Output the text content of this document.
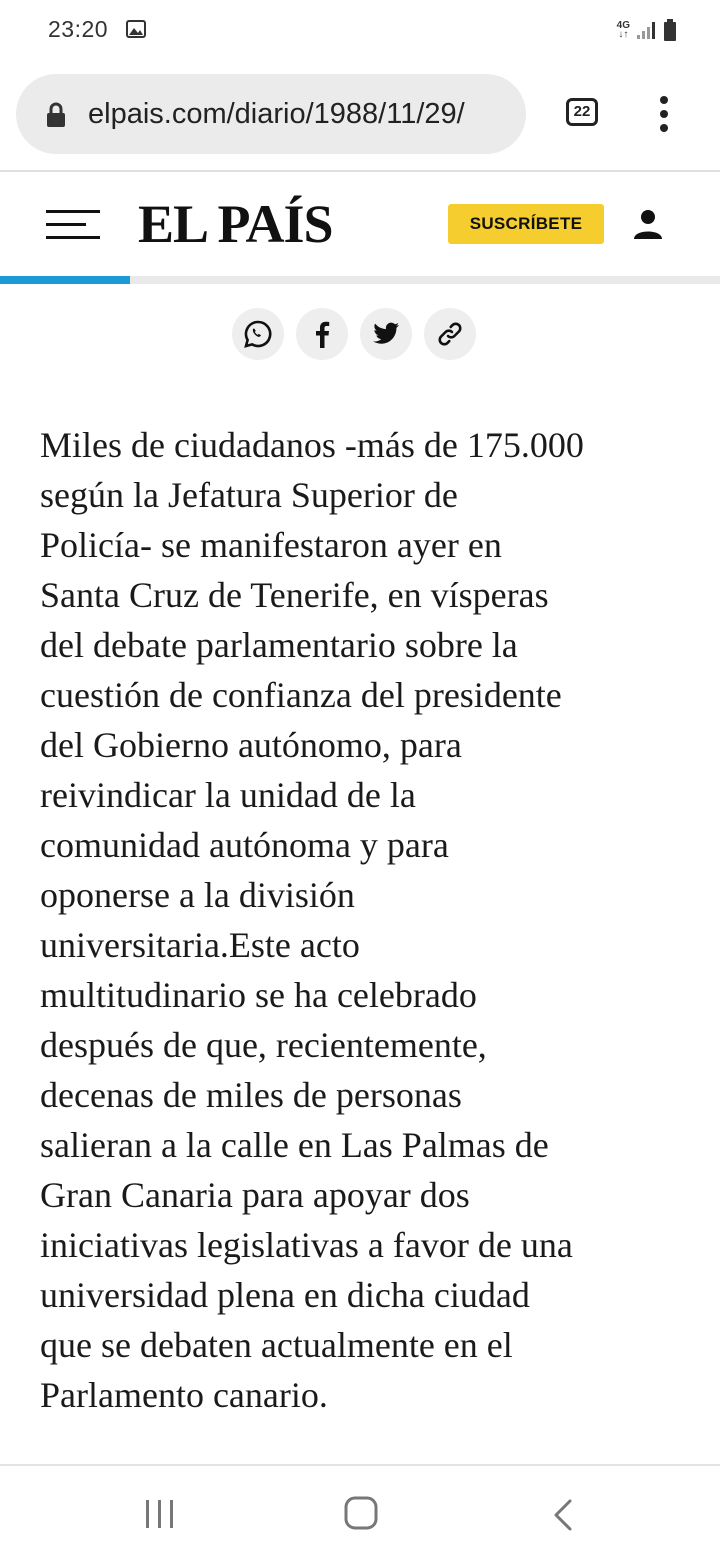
23:20	4G
↓↑
elpais.com/diario/1988/11/29/	22
EL PAÍS	SUSCRÍBETE

Miles de ciudadanos -más de 175.000
según la Jefatura Superior de
Policía- se manifestaron ayer en
Santa Cruz de Tenerife, en vísperas
del debate parlamentario sobre la
cuestión de confianza del presidente
del Gobierno autónomo, para
reivindicar la unidad de la
comunidad autónoma y para
oponerse a la división
universitaria.Este acto
multitudinario se ha celebrado
después de que, recientemente,
decenas de miles de personas
salieran a la calle en Las Palmas de
Gran Canaria para apoyar dos
iniciativas legislativas a favor de una
universidad plena en dicha ciudad
que se debaten actualmente en el
Parlamento canario.
